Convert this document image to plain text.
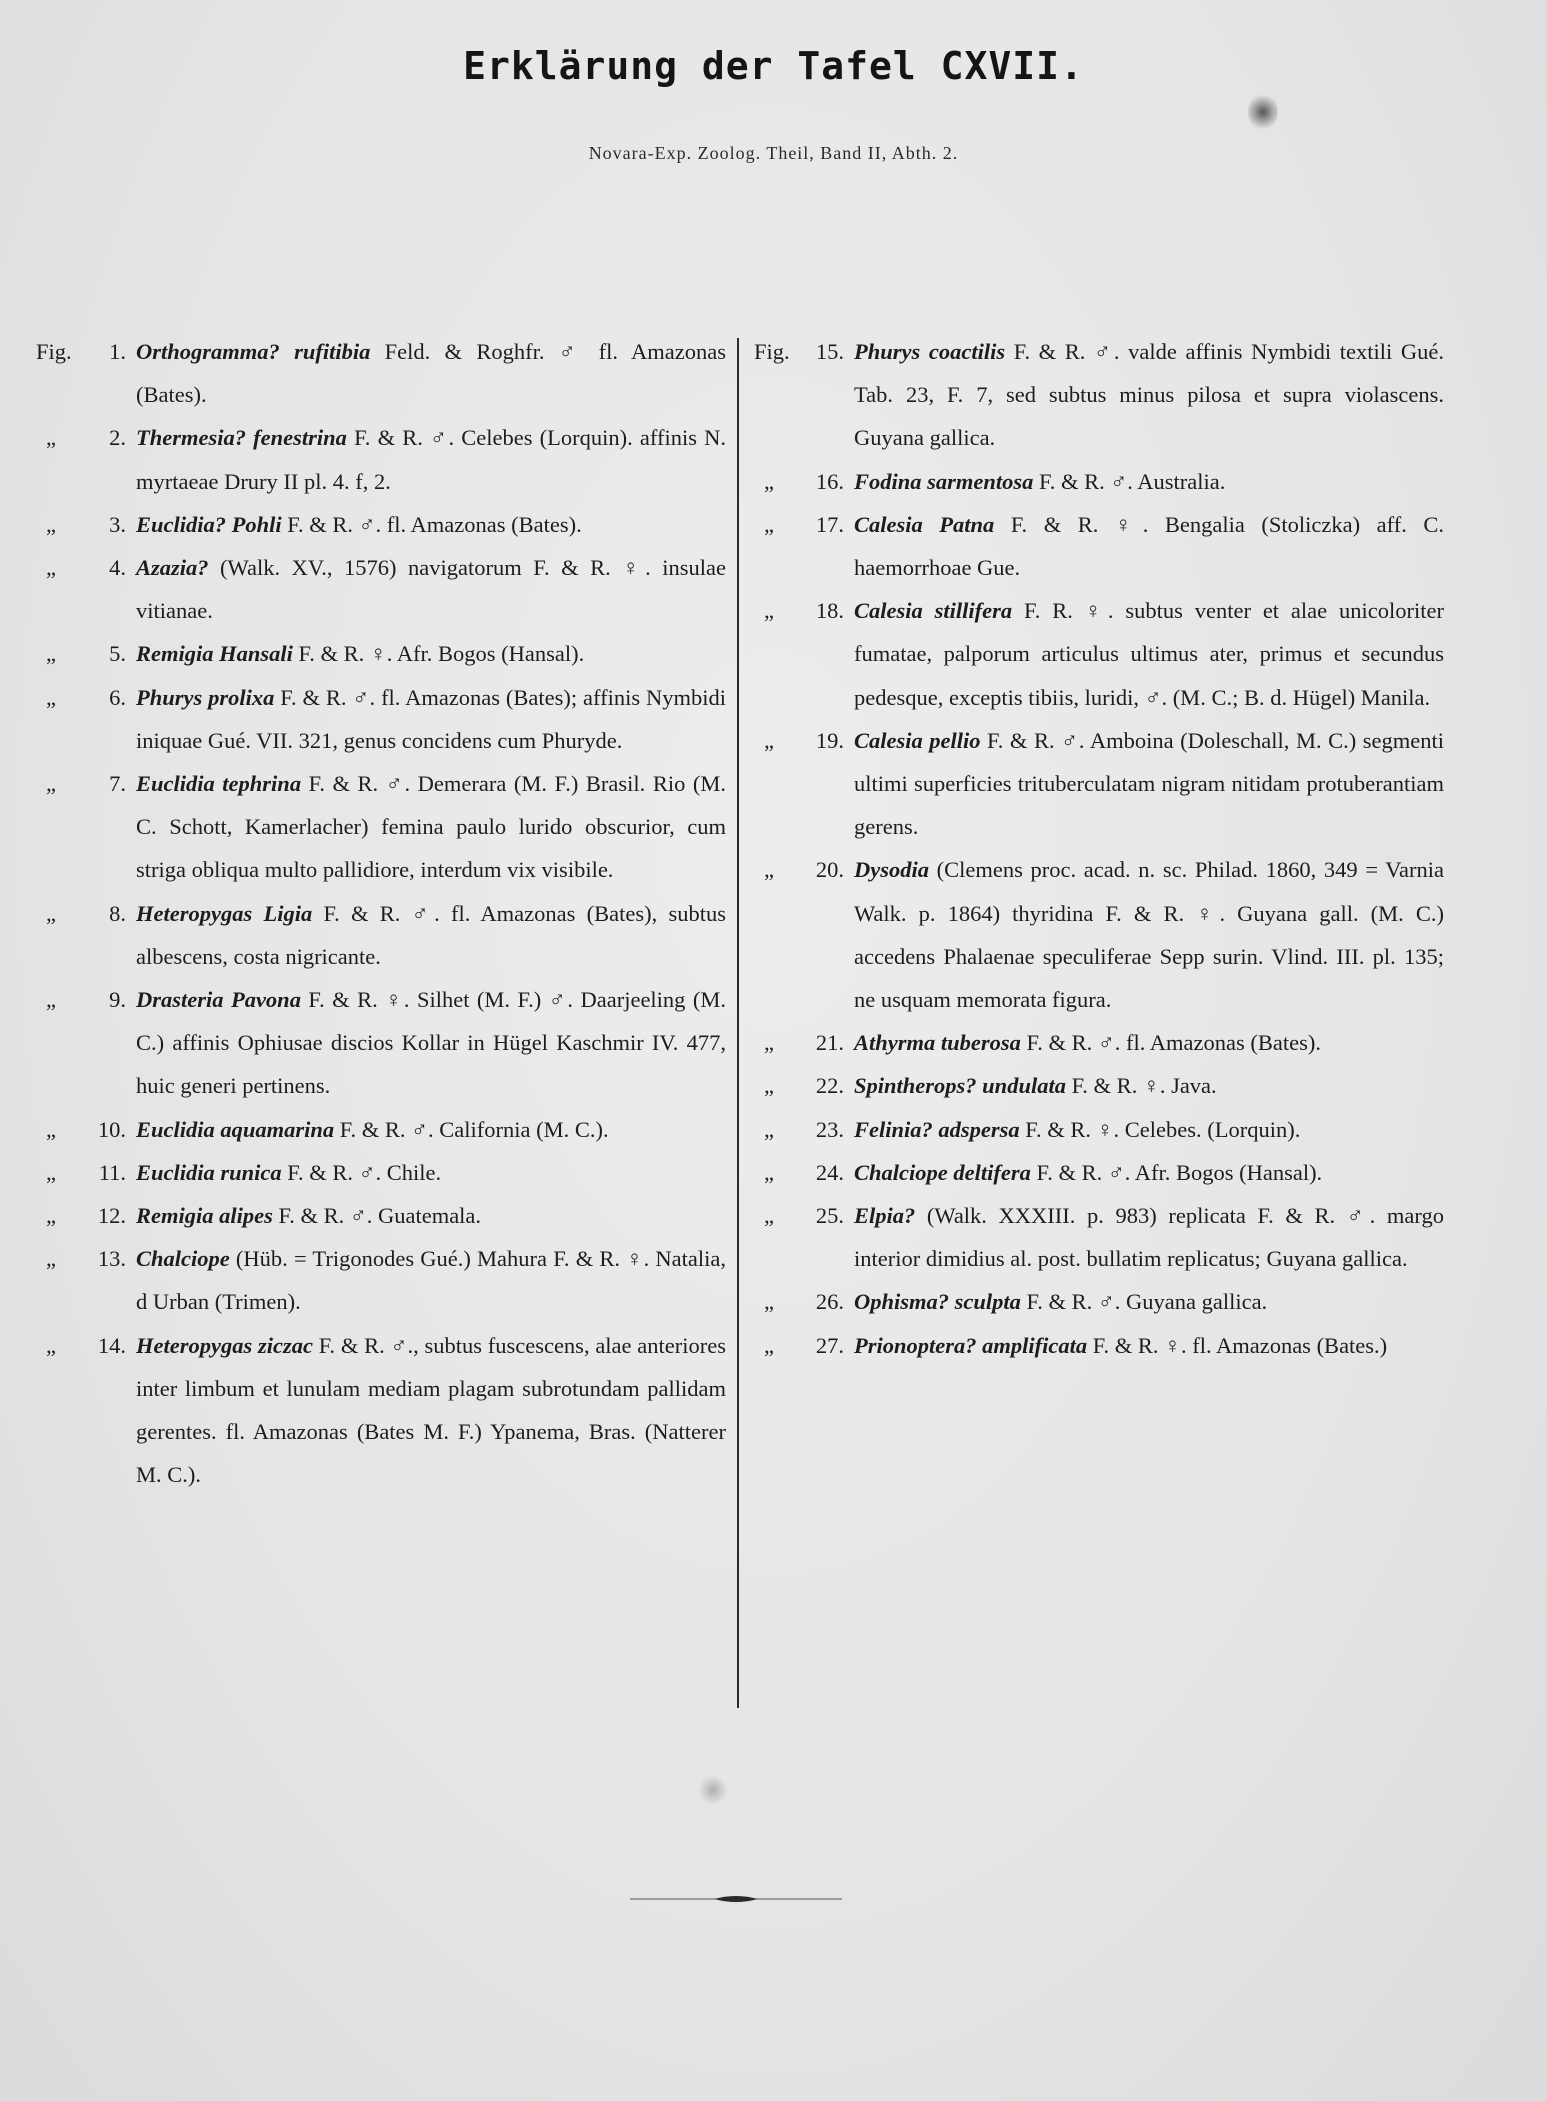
Erklärung der Tafel CXVII.
Novara-Exp. Zoolog. Theil, Band II, Abth. 2.
Fig.	1. Orthogramma? rufitibia Feld. & Roghfr. ♂ fl. Amazonas (Bates).
„	2. Thermesia? fenestrina F. & R. ♂. Celebes (Lorquin). affinis N. myrtaeae Drury II pl. 4. f, 2.
„	3. Euclidia? Pohli F. & R. ♂. fl. Amazonas (Bates).
„	4. Azazia? (Walk. XV., 1576) navigatorum F. & R. ♀. insulae vitianae.
„	5. Remigia Hansali F. & R. ♀. Afr. Bogos (Hansal).
„	6. Phurys prolixa F. & R. ♂. fl. Amazonas (Bates); affinis Nymbidi iniquae Gué. VII. 321, genus concidens cum Phuryde.
„	7. Euclidia tephrina F. & R. ♂. Demerara (M. F.) Brasil. Rio (M. C. Schott, Kamerlacher) femina paulo lurido obscurior, cum striga obliqua multo pallidiore, interdum vix visibile.
„	8. Heteropygas Ligia F. & R. ♂. fl. Amazonas (Bates), subtus albescens, costa nigricante.
„	9. Drasteria Pavona F. & R. ♀. Silhet (M. F.) ♂. Daarjeeling (M. C.) affinis Ophiusae discios Kollar in Hügel Kaschmir IV. 477, huic generi pertinens.
„	10. Euclidia aquamarina F. & R. ♂. California (M. C.).
„	11. Euclidia runica F. & R. ♂. Chile.
„	12. Remigia alipes F. & R. ♂. Guatemala.
„	13. Chalciope (Hüb. = Trigonodes Gué.) Mahura F. & R. ♀. Natalia, d Urban (Trimen).
„	14. Heteropygas ziczac F. & R. ♂., subtus fuscescens, alae anteriores inter limbum et lunulam mediam plagam subrotundam pallidam gerentes. fl. Amazonas (Bates M. F.) Ypanema, Bras. (Natterer M. C.).
Fig.	15. Phurys coactilis F. & R. ♂. valde affinis Nymbidi textili Gué. Tab. 23, F. 7, sed subtus minus pilosa et supra violascens. Guyana gallica.
„	16. Fodina sarmentosa F. & R. ♂. Australia.
„	17. Calesia Patna F. & R. ♀. Bengalia (Stoliczka) aff. C. haemorrhoae Gue.
„	18. Calesia stillifera F. R. ♀. subtus venter et alae unicoloriter fumatae, palporum articulus ultimus ater, primus et secundus pedesque, exceptis tibiis, luridi, ♂. (M. C.; B. d. Hügel) Manila.
„	19. Calesia pellio F. & R. ♂. Amboina (Doleschall, M. C.) segmenti ultimi superficies trituberculatam nigram nitidam protuberantiam gerens.
„	20. Dysodia (Clemens proc. acad. n. sc. Philad. 1860, 349 = Varnia Walk. p. 1864) thyridina F. & R. ♀. Guyana gall. (M. C.) accedens Phalaenae speculiferae Sepp surin. Vlind. III. pl. 135; ne usquam memorata figura.
„	21. Athyrma tuberosa F. & R. ♂. fl. Amazonas (Bates).
„	22. Spintherops? undulata F. & R. ♀. Java.
„	23. Felinia? adspersa F. & R. ♀. Celebes. (Lorquin).
„	24. Chalciope deltifera F. & R. ♂. Afr. Bogos (Hansal).
„	25. Elpia? (Walk. XXXIII. p. 983) replicata F. & R. ♂. margo interior dimidius al. post. bullatim replicatus; Guyana gallica.
„	26. Ophisma? sculpta F. & R. ♂. Guyana gallica.
„	27. Prionoptera? amplificata F. & R. ♀. fl. Amazonas (Bates.)
